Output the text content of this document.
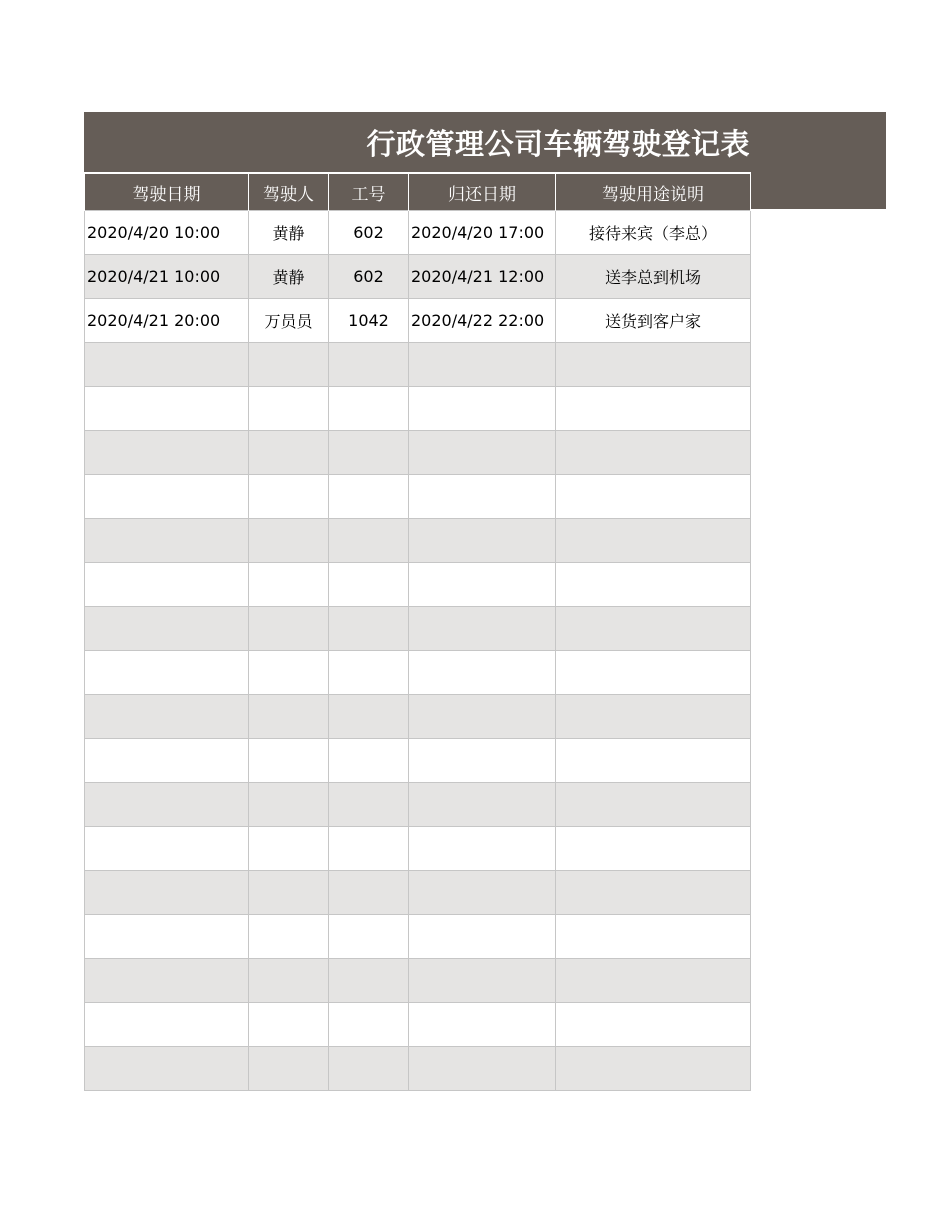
行政管理公司车辆驾驶登记表
驾驶日期	驾驶人	工号	归还日期	驾驶用途说明
2020/4/20 10:00	黄静	602	2020/4/20 17:00	接待来宾（李总）
2020/4/21 10:00	黄静	602	2020/4/21 12:00	送李总到机场
2020/4/21 20:00	万员员	1042	2020/4/22 22:00	送货到客户家
